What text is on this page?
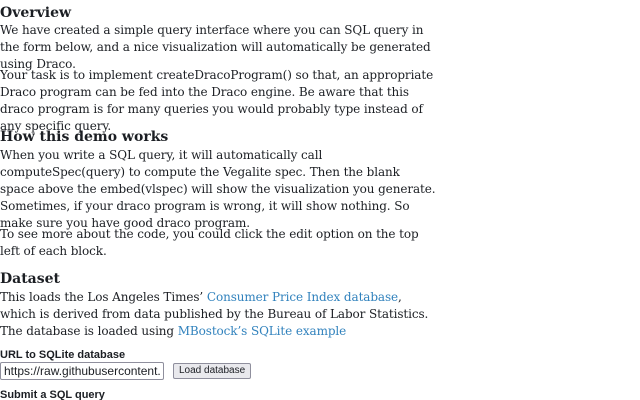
Overview

We have created a simple query interface where you can SQL query in the form below, and a nice visualization will automatically be generated using Draco.

Your task is to implement createDracoProgram() so that, an appropriate Draco program can be fed into the Draco engine. Be aware that this draco program is for many queries you would probably type instead of any specific query.

How this demo works

When you write a SQL query, it will automatically call computeSpec(query) to compute the Vegalite spec. Then the blank space above the embed(vlspec) will show the visualization you generate. Sometimes, if your draco program is wrong, it will show nothing. So make sure you have good draco program.

To see more about the code, you could click the edit option on the top left of each block.

Dataset

This loads the Los Angeles Times’ Consumer Price Index database, which is derived from data published by the Bureau of Labor Statistics. The database is loaded using MBostock’s SQLite example

URL to SQLite database
https://raw.githubusercontent.co
Load database
Submit a SQL query
